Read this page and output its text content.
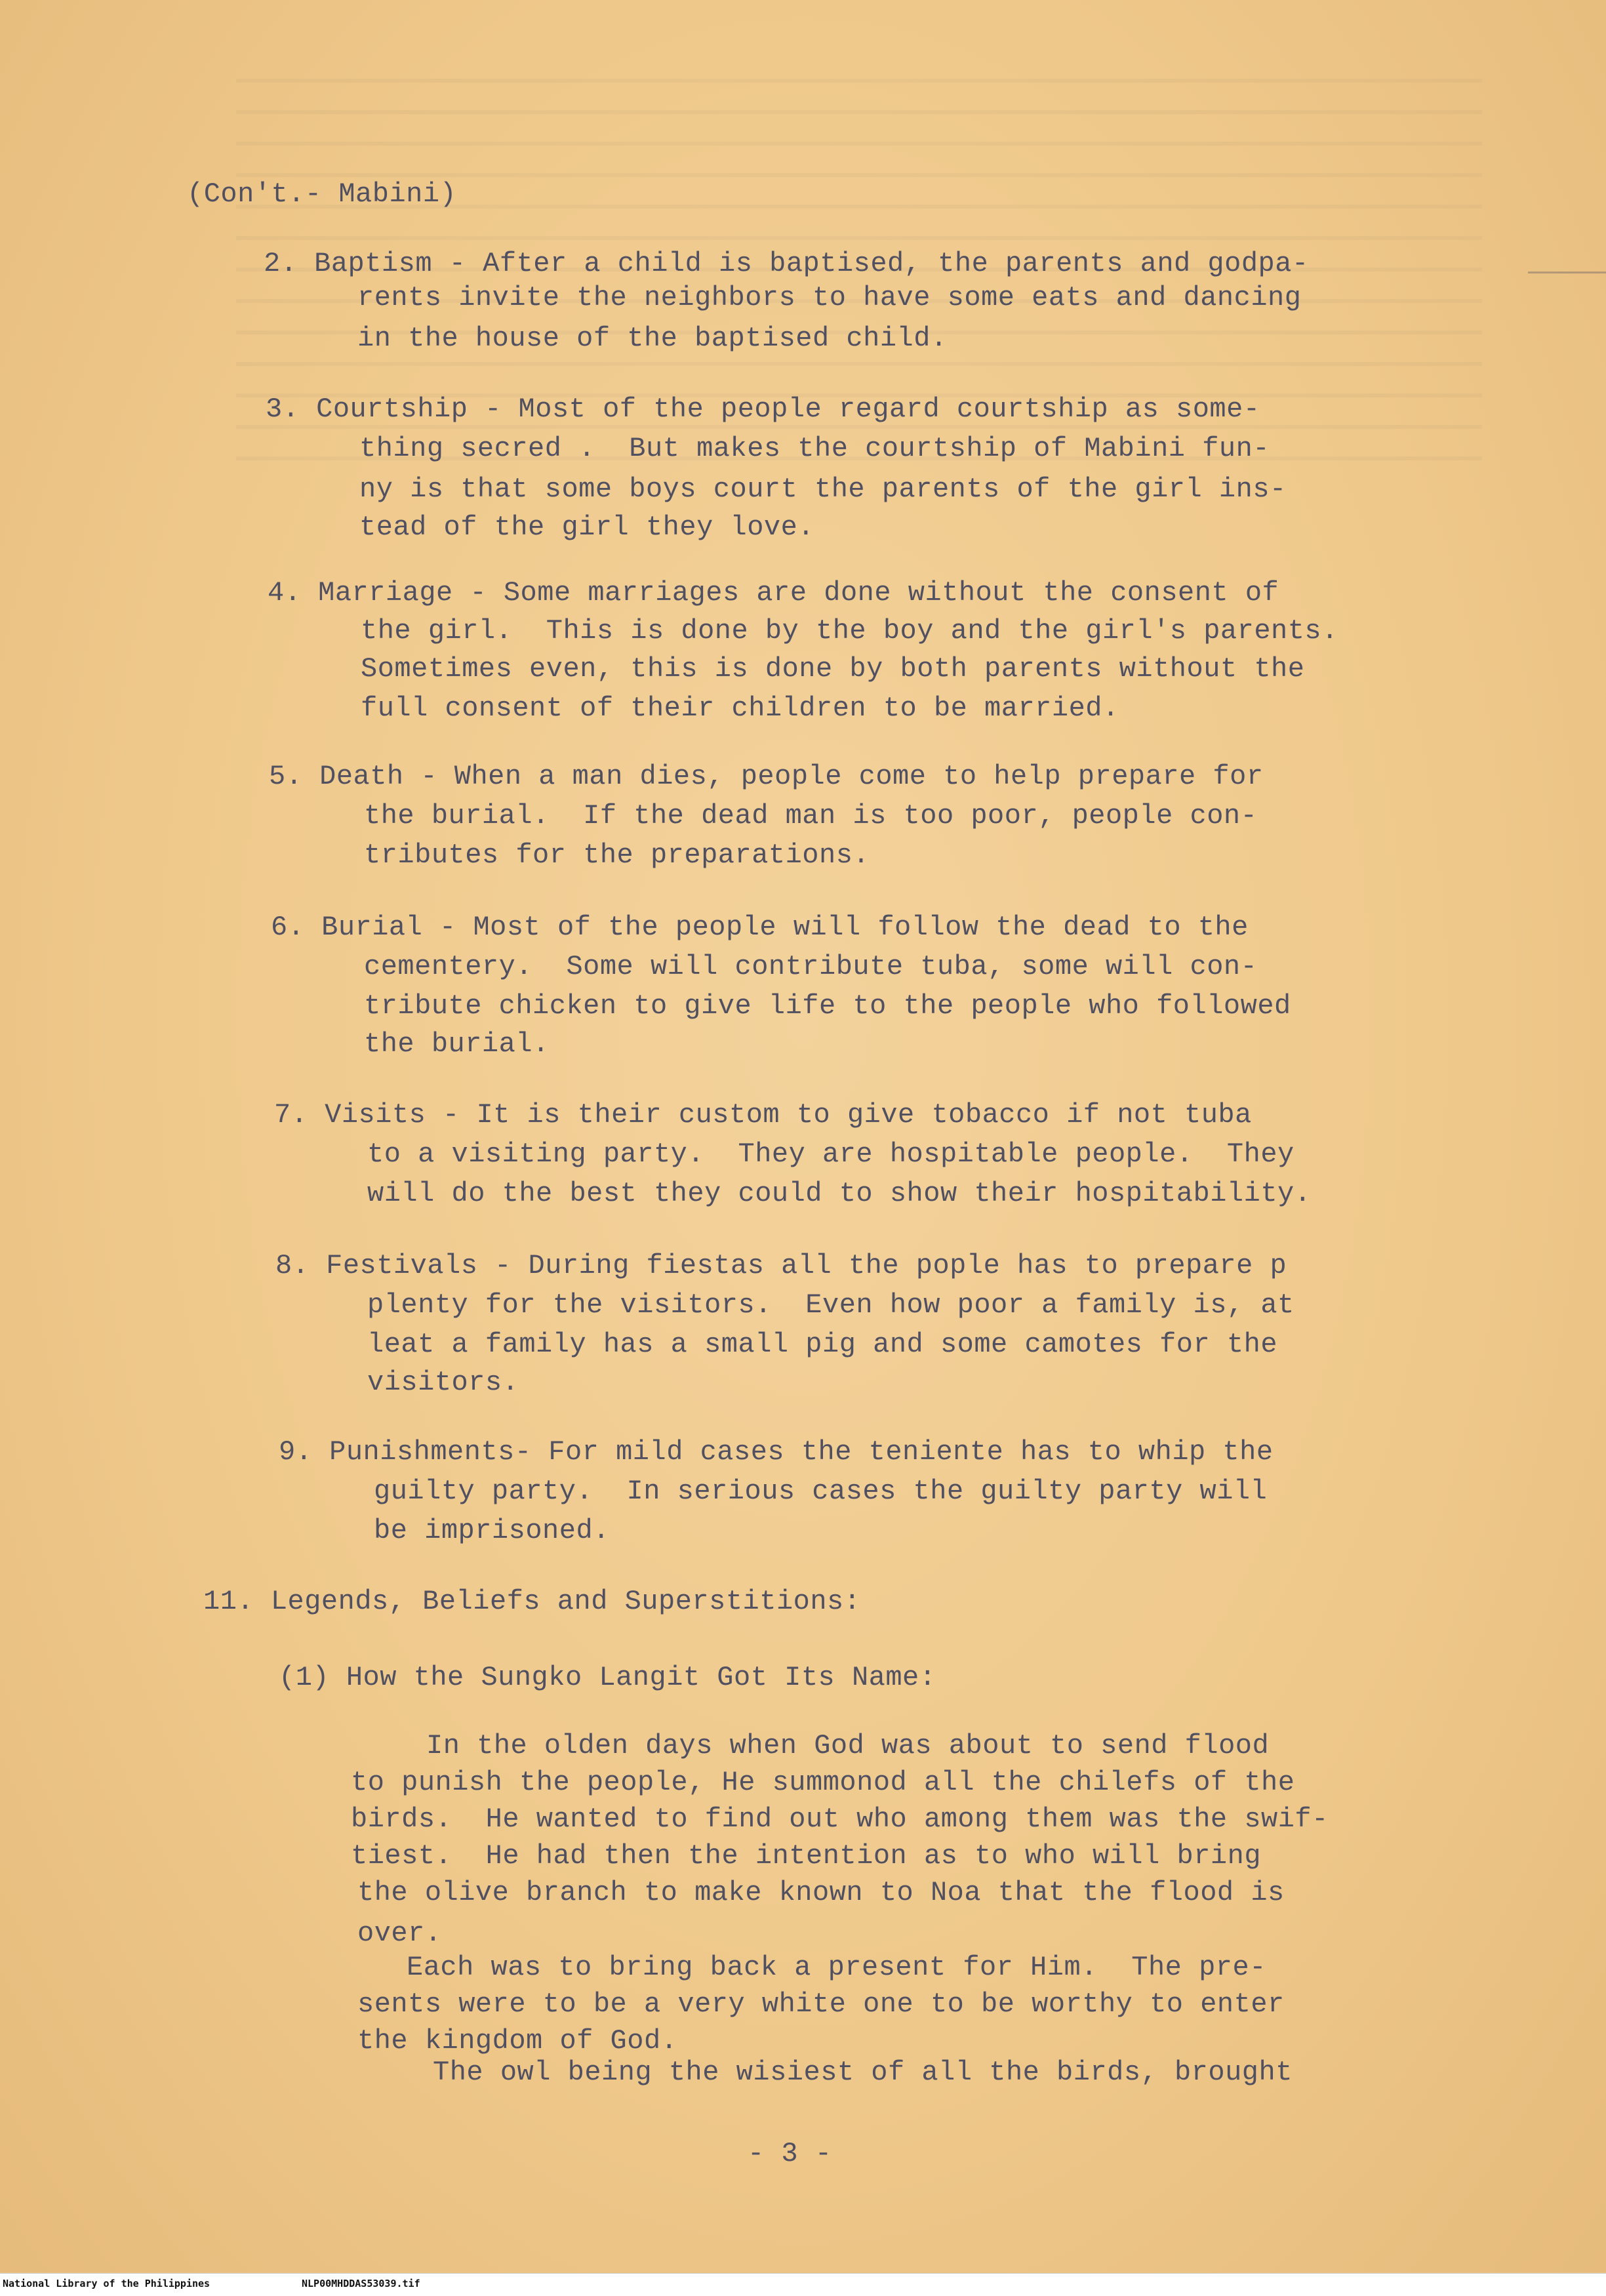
(Con't.- Mabini)
2. Baptism - After a child is baptised, the parents and godpa-
rents invite the neighbors to have some eats and dancing
in the house of the baptised child.
3. Courtship - Most of the people regard courtship as some-
thing secred .  But makes the courtship of Mabini fun-
ny is that some boys court the parents of the girl ins-
tead of the girl they love.
4. Marriage - Some marriages are done without the consent of
the girl.  This is done by the boy and the girl's parents.
Sometimes even, this is done by both parents without the
full consent of their children to be married.
5. Death - When a man dies, people come to help prepare for
the burial.  If the dead man is too poor, people con-
tributes for the preparations.
6. Burial - Most of the people will follow the dead to the
cementery.  Some will contribute tuba, some will con-
tribute chicken to give life to the people who followed
the burial.
7. Visits - It is their custom to give tobacco if not tuba
to a visiting party.  They are hospitable people.  They
will do the best they could to show their hospitability.
8. Festivals - During fiestas all the pople has to prepare p
plenty for the visitors.  Even how poor a family is, at
leat a family has a small pig and some camotes for the
visitors.
9. Punishments- For mild cases the teniente has to whip the
guilty party.  In serious cases the guilty party will
be imprisoned.
11. Legends, Beliefs and Superstitions:
(1) How the Sungko Langit Got Its Name:
In the olden days when God was about to send flood
to punish the people, He summonod all the chilefs of the
birds.  He wanted to find out who among them was the swif-
tiest.  He had then the intention as to who will bring
the olive branch to make known to Noa that the flood is
over.
Each was to bring back a present for Him.  The pre-
sents were to be a very white one to be worthy to enter
the kingdom of God.
The owl being the wisiest of all the birds, brought
- 3 -
National Library of the Philippines	NLP00MHDDAS53039.tif
